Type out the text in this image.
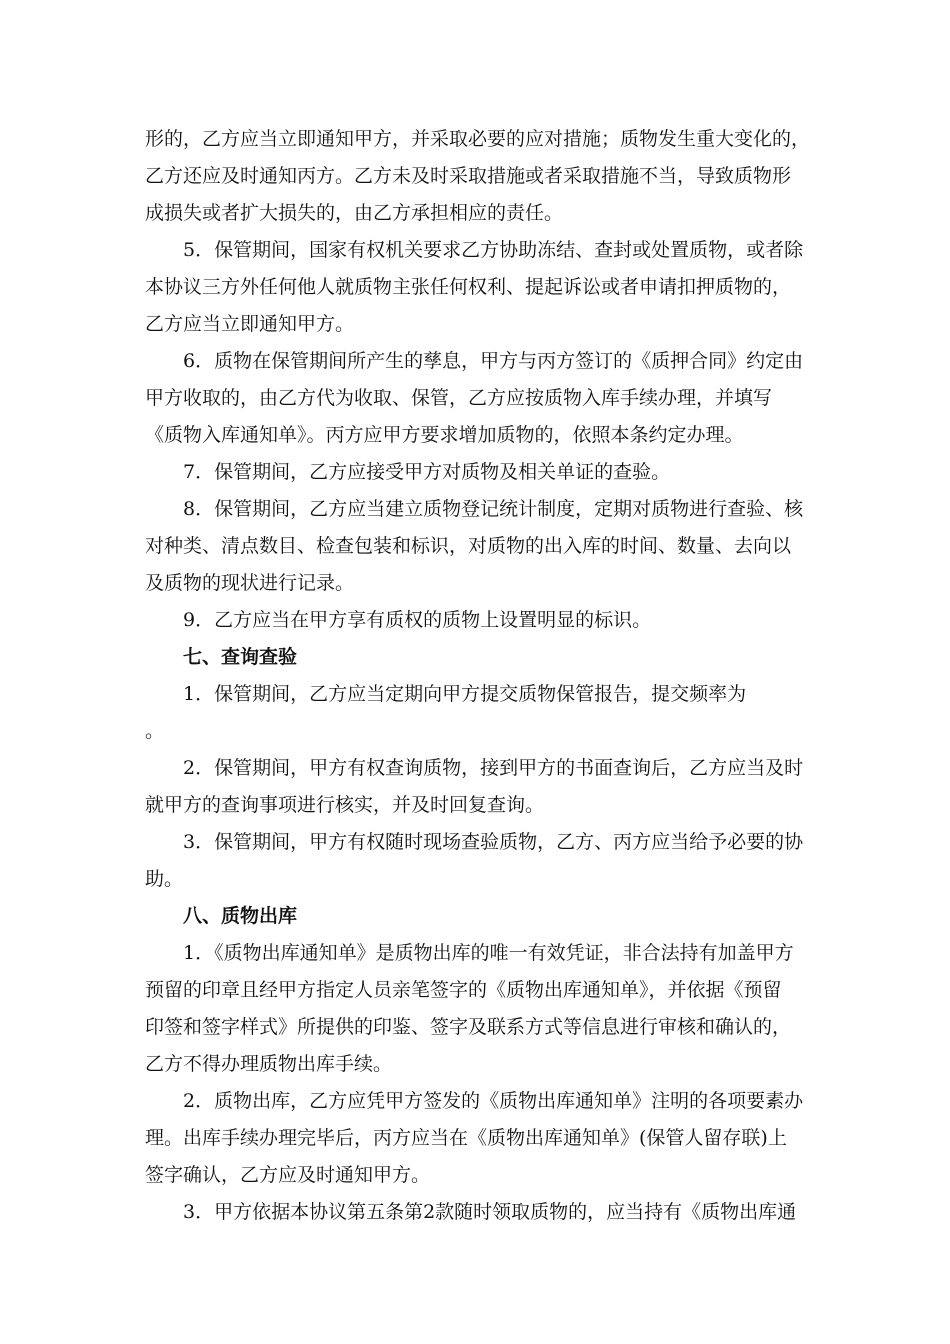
形的，乙方应当立即通知甲方，并采取必要的应对措施；质物发生重大变化的，
乙方还应及时通知丙方。乙方未及时采取措施或者采取措施不当，导致质物形
成损失或者扩大损失的，由乙方承担相应的责任。
5．保管期间，国家有权机关要求乙方协助冻结、查封或处置质物，或者除
本协议三方外任何他人就质物主张任何权利、提起诉讼或者申请扣押质物的，
乙方应当立即通知甲方。
6．质物在保管期间所产生的孳息，甲方与丙方签订的《质押合同》约定由
甲方收取的，由乙方代为收取、保管，乙方应按质物入库手续办理，并填写
《质物入库通知单》。丙方应甲方要求增加质物的，依照本条约定办理。
7．保管期间，乙方应接受甲方对质物及相关单证的查验。
8．保管期间，乙方应当建立质物登记统计制度，定期对质物进行查验、核
对种类、清点数目、检查包装和标识，对质物的出入库的时间、数量、去向以
及质物的现状进行记录。
9．乙方应当在甲方享有质权的质物上设置明显的标识。
七、查询查验
1．保管期间，乙方应当定期向甲方提交质物保管报告，提交频率为
。
2．保管期间，甲方有权查询质物，接到甲方的书面查询后，乙方应当及时
就甲方的查询事项进行核实，并及时回复查询。
3．保管期间，甲方有权随时现场查验质物，乙方、丙方应当给予必要的协
助。
八、质物出库
1．《质物出库通知单》是质物出库的唯一有效凭证，非合法持有加盖甲方
预留的印章且经甲方指定人员亲笔签字的《质物出库通知单》，并依据《预留
印签和签字样式》所提供的印鉴、签字及联系方式等信息进行审核和确认的，
乙方不得办理质物出库手续。
2．质物出库，乙方应凭甲方签发的《质物出库通知单》注明的各项要素办
理。出库手续办理完毕后，丙方应当在《质物出库通知单》(保管人留存联)上
签字确认，乙方应及时通知甲方。
3．甲方依据本协议第五条第2款随时领取质物的，应当持有《质物出库通
